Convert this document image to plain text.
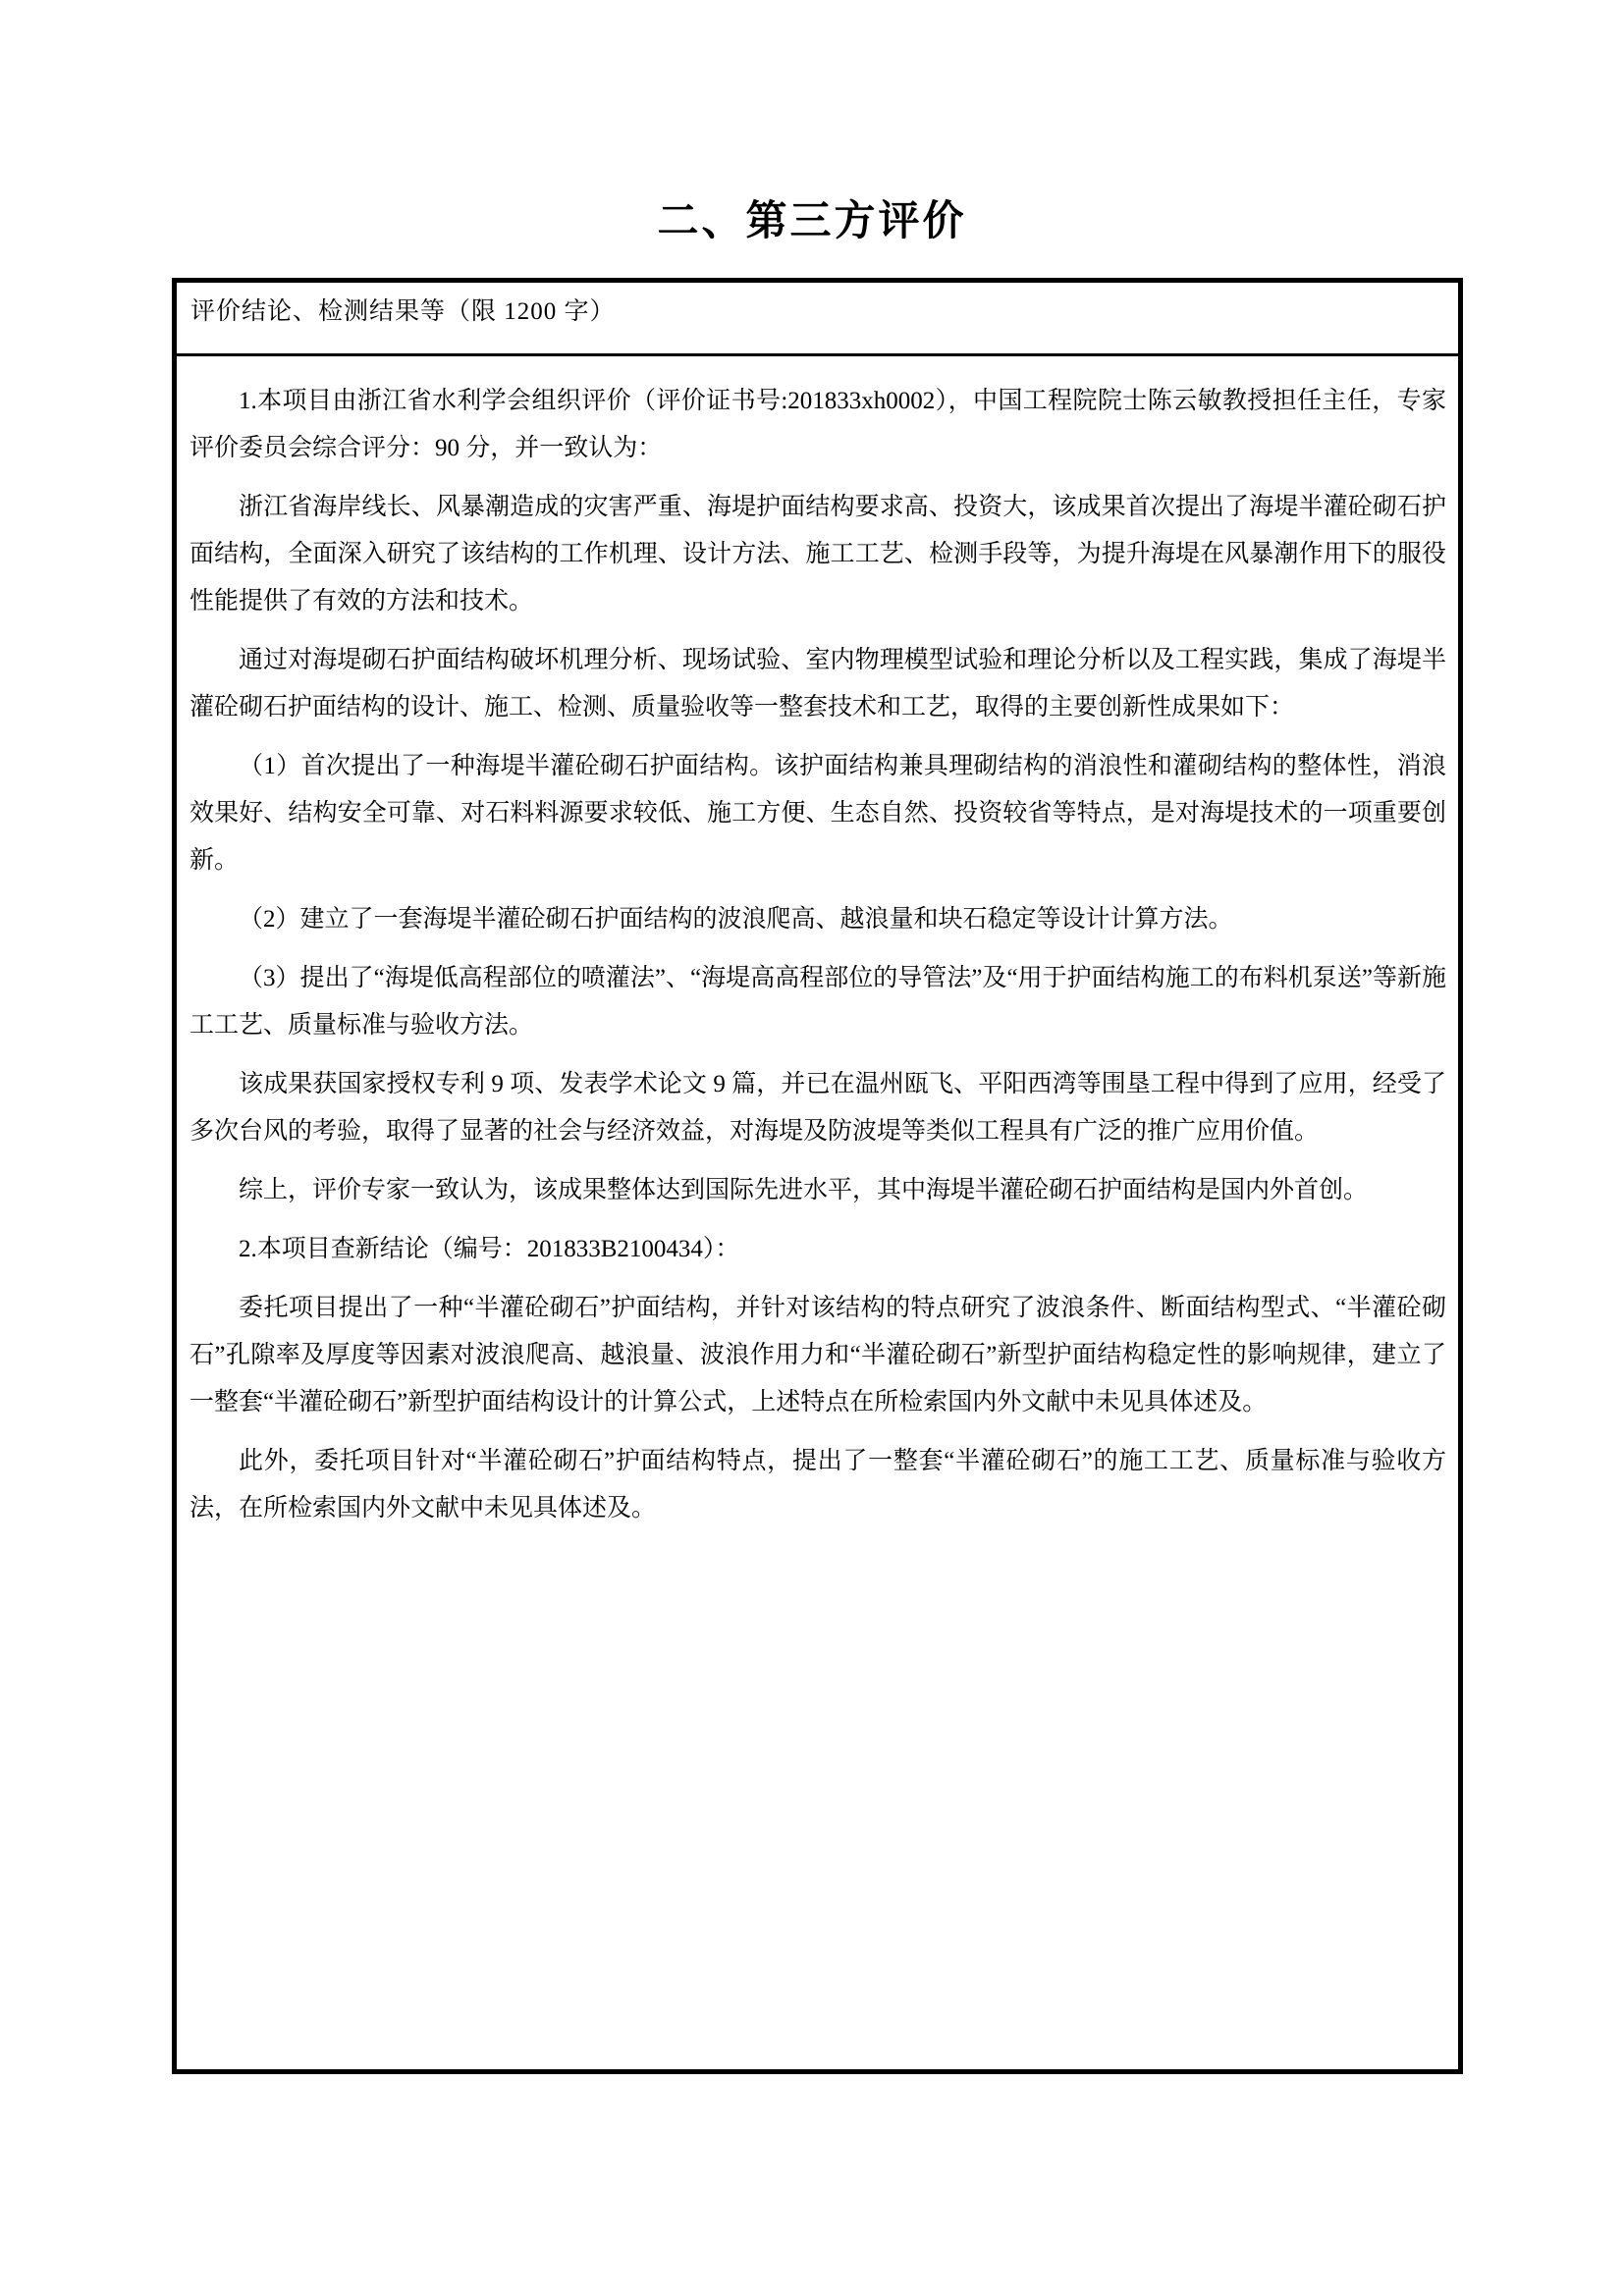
二、第三方评价
评价结论、检测结果等（限 1200 字）

1.本项目由浙江省水利学会组织评价（评价证书号:201833xh0002），中国工程院院士陈云敏教授担任主任，专家评价委员会综合评分：90 分，并一致认为：

浙江省海岸线长、风暴潮造成的灾害严重、海堤护面结构要求高、投资大，该成果首次提出了海堤半灌砼砌石护面结构，全面深入研究了该结构的工作机理、设计方法、施工工艺、检测手段等，为提升海堤在风暴潮作用下的服役性能提供了有效的方法和技术。

通过对海堤砌石护面结构破坏机理分析、现场试验、室内物理模型试验和理论分析以及工程实践，集成了海堤半灌砼砌石护面结构的设计、施工、检测、质量验收等一整套技术和工艺，取得的主要创新性成果如下：

（1）首次提出了一种海堤半灌砼砌石护面结构。该护面结构兼具理砌结构的消浪性和灌砌结构的整体性，消浪效果好、结构安全可靠、对石料料源要求较低、施工方便、生态自然、投资较省等特点，是对海堤技术的一项重要创新。

（2）建立了一套海堤半灌砼砌石护面结构的波浪爬高、越浪量和块石稳定等设计计算方法。

（3）提出了“海堤低高程部位的喷灌法”、“海堤高高程部位的导管法”及“用于护面结构施工的布料机泵送”等新施工工艺、质量标准与验收方法。

该成果获国家授权专利 9 项、发表学术论文 9 篇，并已在温州瓯飞、平阳西湾等围垦工程中得到了应用，经受了多次台风的考验，取得了显著的社会与经济效益，对海堤及防波堤等类似工程具有广泛的推广应用价值。

综上，评价专家一致认为，该成果整体达到国际先进水平，其中海堤半灌砼砌石护面结构是国内外首创。

2.本项目查新结论（编号：201833B2100434）：

委托项目提出了一种“半灌砼砌石”护面结构，并针对该结构的特点研究了波浪条件、断面结构型式、“半灌砼砌石”孔隙率及厚度等因素对波浪爬高、越浪量、波浪作用力和“半灌砼砌石”新型护面结构稳定性的影响规律，建立了一整套“半灌砼砌石”新型护面结构设计的计算公式，上述特点在所检索国内外文献中未见具体述及。

此外，委托项目针对“半灌砼砌石”护面结构特点，提出了一整套“半灌砼砌石”的施工工艺、质量标准与验收方法，在所检索国内外文献中未见具体述及。
